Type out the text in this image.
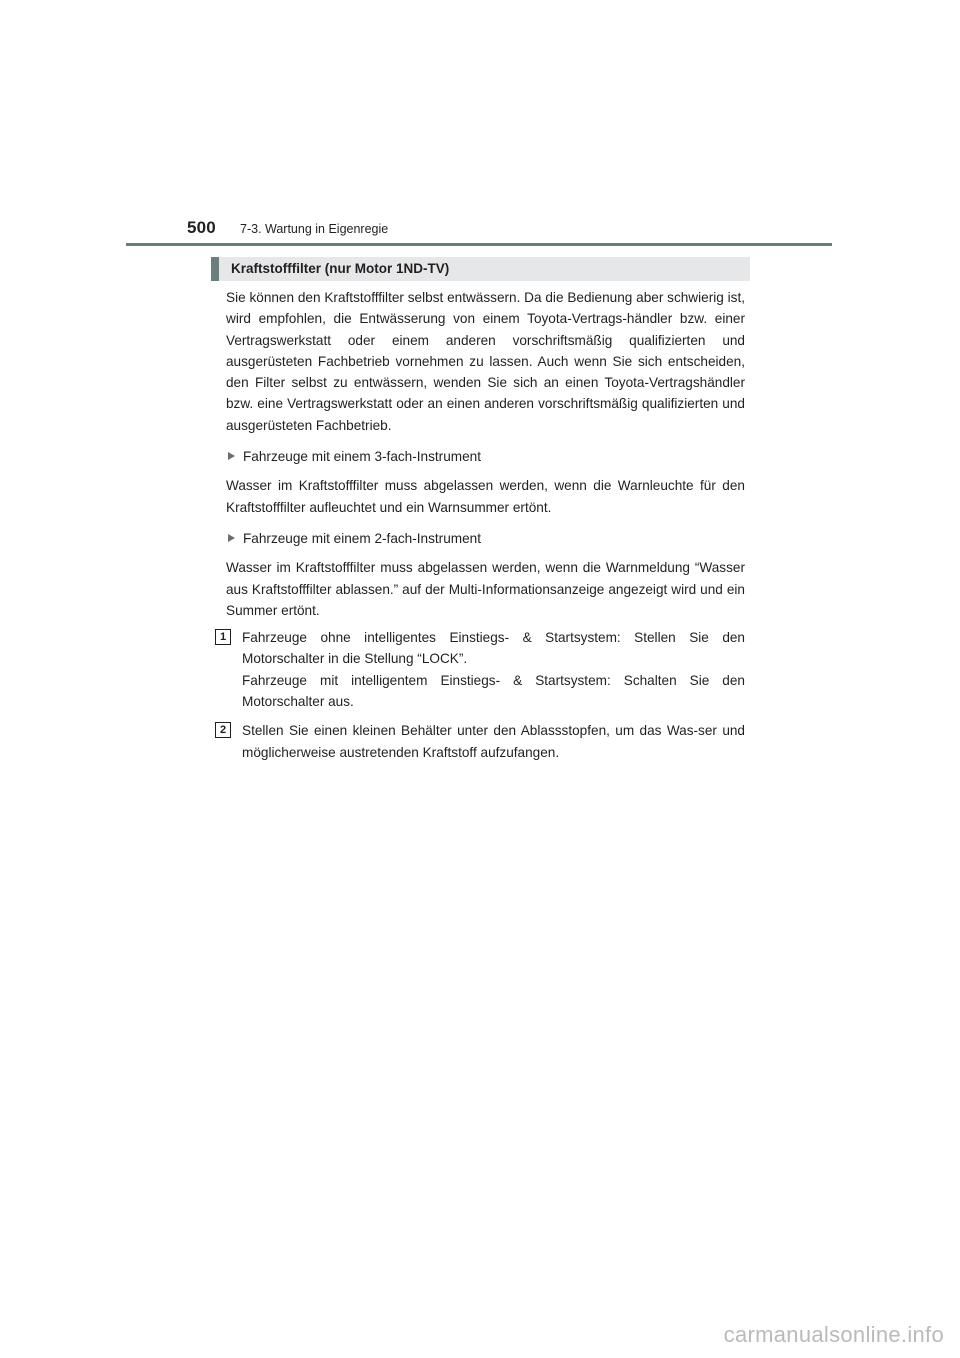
500 7-3. Wartung in Eigenregie
Kraftstofffilter (nur Motor 1ND-TV)

Sie können den Kraftstofffilter selbst entwässern. Da die Bedienung aber schwierig ist, wird empfohlen, die Entwässerung von einem Toyota-Vertrags-händler bzw. einer Vertragswerkstatt oder einem anderen vorschriftsmäßig qualifizierten und ausgerüsteten Fachbetrieb vornehmen zu lassen. Auch wenn Sie sich entscheiden, den Filter selbst zu entwässern, wenden Sie sich an einen Toyota-Vertragshändler bzw. eine Vertragswerkstatt oder an einen anderen vorschriftsmäßig qualifizierten und ausgerüsteten Fachbetrieb.

Fahrzeuge mit einem 3-fach-Instrument

Wasser im Kraftstofffilter muss abgelassen werden, wenn die Warnleuchte für den Kraftstofffilter aufleuchtet und ein Warnsummer ertönt.

Fahrzeuge mit einem 2-fach-Instrument

Wasser im Kraftstofffilter muss abgelassen werden, wenn die Warnmeldung “Wasser aus Kraftstofffilter ablassen.” auf der Multi-Informationsanzeige angezeigt wird und ein Summer ertönt.

1	Fahrzeuge ohne intelligentes Einstiegs- & Startsystem: Stellen Sie den Motorschalter in die Stellung “LOCK”.

Fahrzeuge mit intelligentem Einstiegs- & Startsystem: Schalten Sie den Motorschalter aus.

2	Stellen Sie einen kleinen Behälter unter den Ablassstopfen, um das Was-ser und möglicherweise austretenden Kraftstoff aufzufangen.

carmanualsonline.info
